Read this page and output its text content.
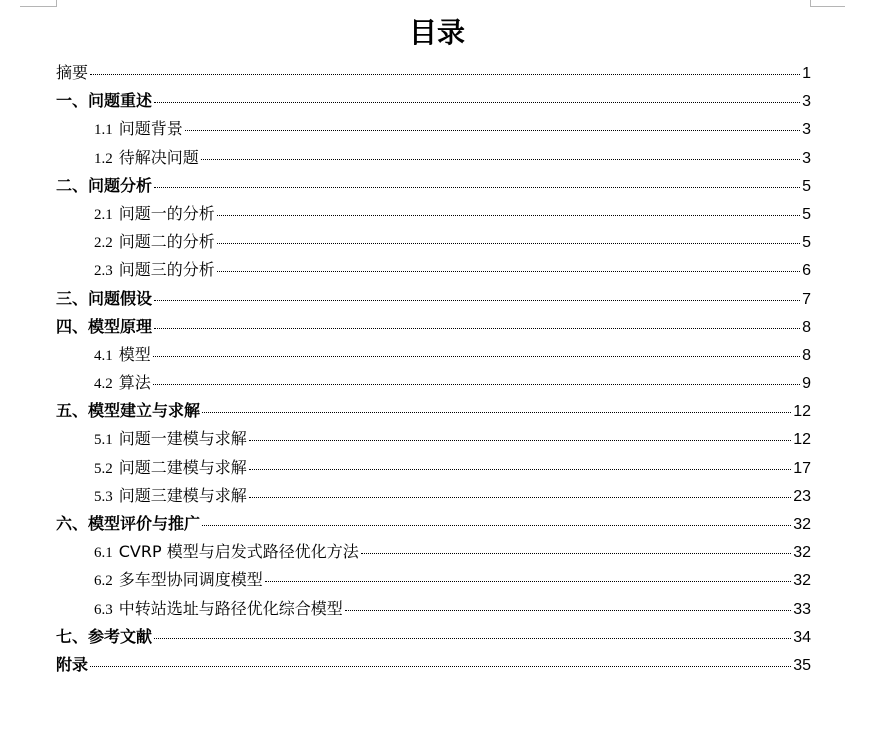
目录
摘要	1
一、问题重述	3
1.1 问题背景	3
1.2 待解决问题	3
二、问题分析	5
2.1 问题一的分析	5
2.2 问题二的分析	5
2.3 问题三的分析	6
三、问题假设	7
四、模型原理	8
4.1 模型	8
4.2 算法	9
五、模型建立与求解	12
5.1 问题一建模与求解	12
5.2 问题二建模与求解	17
5.3 问题三建模与求解	23
六、模型评价与推广	32
6.1 CVRP 模型与启发式路径优化方法	32
6.2 多车型协同调度模型	32
6.3 中转站选址与路径优化综合模型	33
七、参考文献	34
附录	35
